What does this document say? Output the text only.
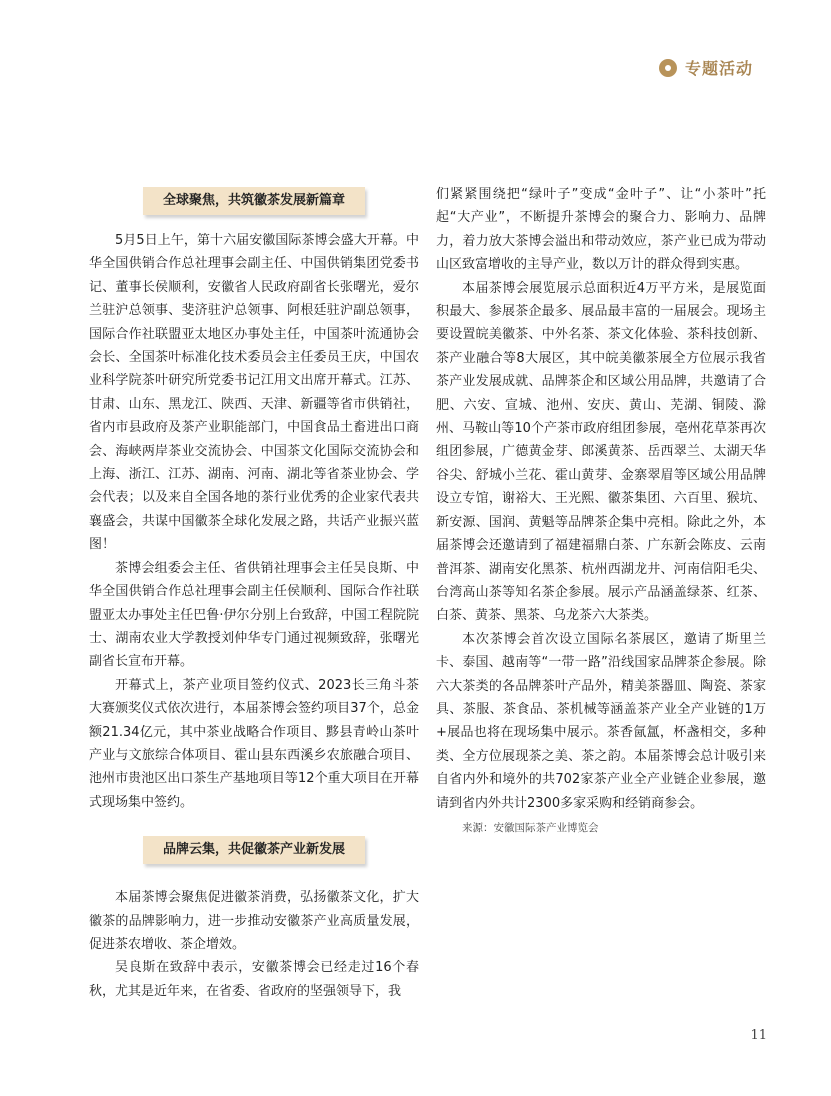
专题活动
全球聚焦，共筑徽茶发展新篇章

5月5日上午，第十六届安徽国际茶博会盛大开幕。中华全国供销合作总社理事会副主任、中国供销集团党委书记、董事长侯顺利，安徽省人民政府副省长张曙光，爱尔兰驻沪总领事、斐济驻沪总领事、阿根廷驻沪副总领事，国际合作社联盟亚太地区办事处主任，中国茶叶流通协会会长、全国茶叶标准化技术委员会主任委员王庆，中国农业科学院茶叶研究所党委书记江用文出席开幕式。江苏、甘肃、山东、黑龙江、陕西、天津、新疆等省市供销社，省内市县政府及茶产业职能部门，中国食品土畜进出口商会、海峡两岸茶业交流协会、中国茶文化国际交流协会和上海、浙江、江苏、湖南、河南、湖北等省茶业协会、学会代表；以及来自全国各地的茶行业优秀的企业家代表共襄盛会，共谋中国徽茶全球化发展之路，共话产业振兴蓝图！

茶博会组委会主任、省供销社理事会主任吴良斯、中华全国供销合作总社理事会副主任侯顺利、国际合作社联盟亚太办事处主任巴鲁·伊尔分别上台致辞，中国工程院院士、湖南农业大学教授刘仲华专门通过视频致辞，张曙光副省长宣布开幕。

开幕式上，茶产业项目签约仪式、2023长三角斗茶大赛颁奖仪式依次进行，本届茶博会签约项目37个，总金额21.34亿元，其中茶业战略合作项目、黟县青岭山茶叶产业与文旅综合体项目、霍山县东西溪乡农旅融合项目、池州市贵池区出口茶生产基地项目等12个重大项目在开幕式现场集中签约。

品牌云集，共促徽茶产业新发展

本届茶博会聚焦促进徽茶消费，弘扬徽茶文化，扩大徽茶的品牌影响力，进一步推动安徽茶产业高质量发展，促进茶农增收、茶企增效。

吴良斯在致辞中表示，安徽茶博会已经走过16个春秋，尤其是近年来，在省委、省政府的坚强领导下，我

们紧紧围绕把“绿叶子”变成“金叶子”、让“小茶叶”托起“大产业”，不断提升茶博会的聚合力、影响力、品牌力，着力放大茶博会溢出和带动效应，茶产业已成为带动山区致富增收的主导产业，数以万计的群众得到实惠。

本届茶博会展览展示总面积近4万平方米，是展览面积最大、参展茶企最多、展品最丰富的一届展会。现场主要设置皖美徽茶、中外名茶、茶文化体验、茶科技创新、茶产业融合等8大展区，其中皖美徽茶展全方位展示我省茶产业发展成就、品牌茶企和区域公用品牌，共邀请了合肥、六安、宣城、池州、安庆、黄山、芜湖、铜陵、滁州、马鞍山等10个产茶市政府组团参展，亳州花草茶再次组团参展，广德黄金芽、郎溪黄茶、岳西翠兰、太湖天华谷尖、舒城小兰花、霍山黄芽、金寨翠眉等区域公用品牌设立专馆，谢裕大、王光熙、徽茶集团、六百里、猴坑、新安源、国润、黄魁等品牌茶企集中亮相。除此之外，本届茶博会还邀请到了福建福鼎白茶、广东新会陈皮、云南普洱茶、湖南安化黑茶、杭州西湖龙井、河南信阳毛尖、台湾高山茶等知名茶企参展。展示产品涵盖绿茶、红茶、白茶、黄茶、黑茶、乌龙茶六大茶类。

本次茶博会首次设立国际名茶展区，邀请了斯里兰卡、泰国、越南等“一带一路”沿线国家品牌茶企参展。除六大茶类的各品牌茶叶产品外，精美茶器皿、陶瓷、茶家具、茶服、茶食品、茶机械等涵盖茶产业全产业链的1万+展品也将在现场集中展示。茶香氤氲，杯盏相交，多种类、全方位展现茶之美、茶之韵。本届茶博会总计吸引来自省内外和境外的共702家茶产业全产业链企业参展，邀请到省内外共计2300多家采购和经销商参会。

来源：安徽国际茶产业博览会

11
